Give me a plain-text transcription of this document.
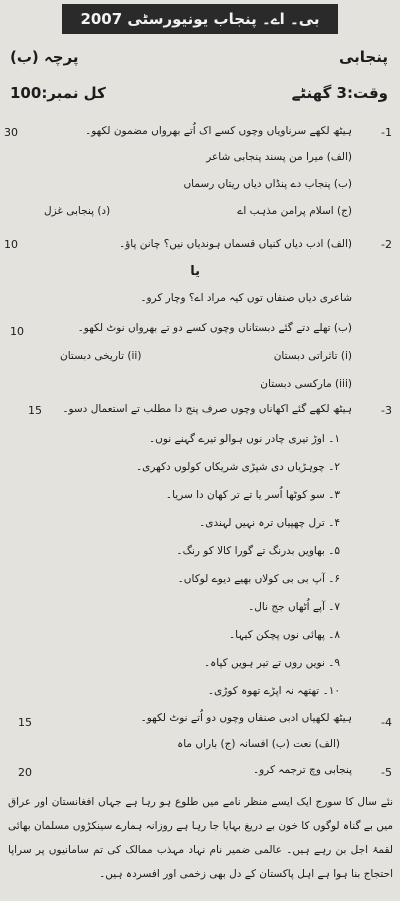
بی۔ اے۔ پنجاب یونیورسٹی 2007
پنجابی
پرچہ (ب)
وقت:3 گھنٹے
کل نمبر:100
-1
30	ہیٹھ لکھے سرناویاں وچوں کسے اک اُتے بھرواں مضمون لکھو۔
(الف) میرا من پسند پنجابی شاعر
(ب) پنجاب دے پنڈاں دیاں ریتاں رسماں
(ج) اسلام پرامن مذہب اے
(د) پنجابی غزل
-2
10	(الف) ادب دیاں کنیاں قسماں ہوندیاں نیں؟ چانن پاؤ۔
یا
شاعری دیاں صنفاں توں کیہ مراد اے؟ وچار کرو۔
10	(ب) تھلے دتے گئے دبستاناں وچوں کسے دو تے بھرواں نوٹ لکھو۔
(i) تاثراتی دبستان
(ii) تاریخی دبستان
(iii) مارکسی دبستان
-3
15 ہیٹھ لکھے گئے اکھاناں وچوں صرف پنج دا مطلب تے استعمال دسو۔
۱۔ اوڑ تیری چادر نوں ہوالو تیرے گہنے نوں۔
۲۔ چوہڑیاں دی شپڑی شریکاں کولوں دکھری۔
۳۔ سو کوٹھا اُسر یا تے تر کھان دا سریا۔
۴۔ ترل چھپیاں ترہ نہیں لہندی۔
۵۔ بھاویں بدرنگ تے گورا کالا کو رنگ۔
۶۔ آپ بی بی کولاں بھیے دیوے لوکاں۔
۷۔ آپے اُٹھاں جج نال۔
۸۔ پھائی نوں پچکن کیہا۔
۹۔ نویں روں تے تیر ہویں کپاہ۔
۱۰۔ تھتھہ نہ اپڑے تھوہ کوڑی۔
-4
15	ہیٹھ لکھیاں ادبی صنفاں وچوں دو اُتے نوٹ لکھو۔
(الف) نعت (ب) افسانہ (ج) باراں ماہ
-5
20	پنجابی وچ ترجمہ کرو۔
نئے سال کا سورج ایک ایسے منظر نامے میں طلوع ہو رہا ہے جہاں افغانستان اور عراق میں بے گناہ لوگوں کا خون بے دریغ بہایا جا رہا ہے روزانہ ہمارے سینکڑوں مسلمان بھائی لقمۂ اجل بن رہے ہیں۔ عالمی ضمیر نام نہاد مہذب ممالک کی تم سامانیوں پر سراپا احتجاج بنا ہوا ہے اہل پاکستان کے دل بھی زخمی اور افسردہ ہیں۔
